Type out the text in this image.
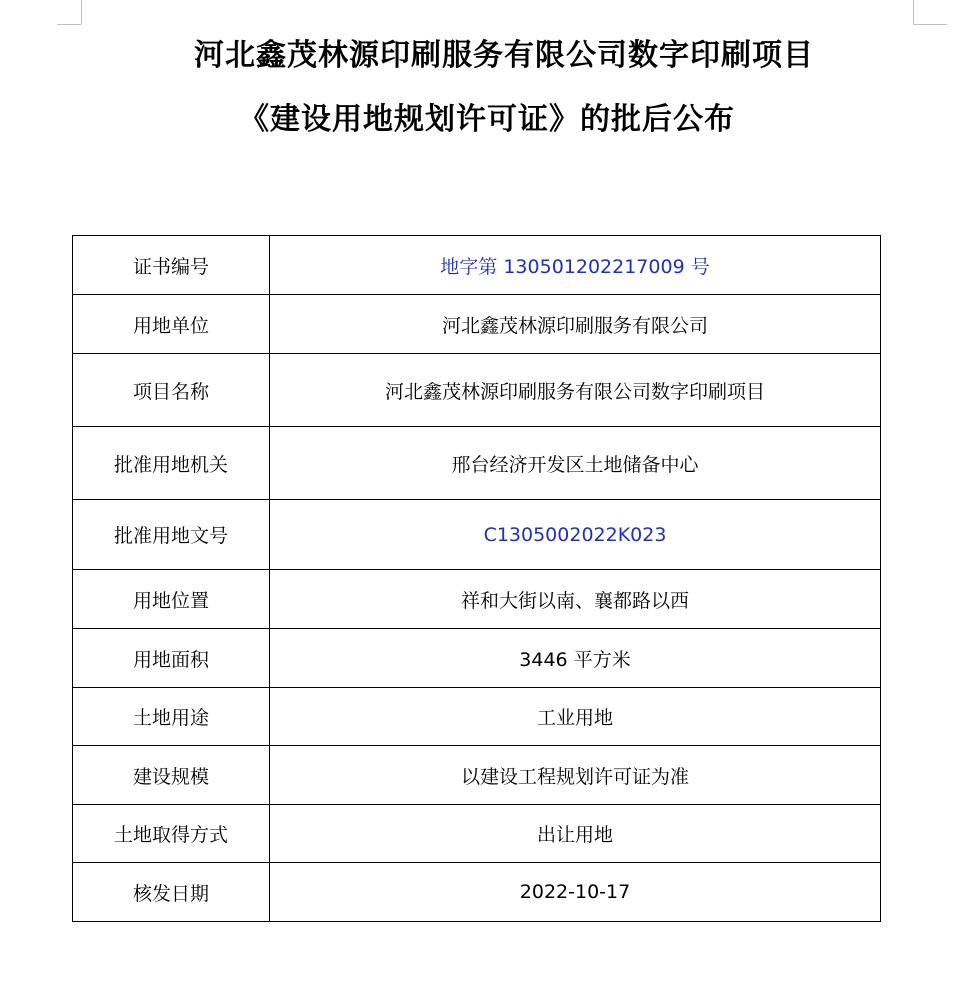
河北鑫茂林源印刷服务有限公司数字印刷项目
《建设用地规划许可证》的批后公布
证书编号	地字第 130501202217009 号
用地单位	河北鑫茂林源印刷服务有限公司
项目名称	河北鑫茂林源印刷服务有限公司数字印刷项目
批准用地机关	邢台经济开发区土地储备中心
批准用地文号	C1305002022K023
用地位置	祥和大街以南、襄都路以西
用地面积	3446 平方米
土地用途	工业用地
建设规模	以建设工程规划许可证为准
土地取得方式	出让用地
核发日期	2022-10-17
